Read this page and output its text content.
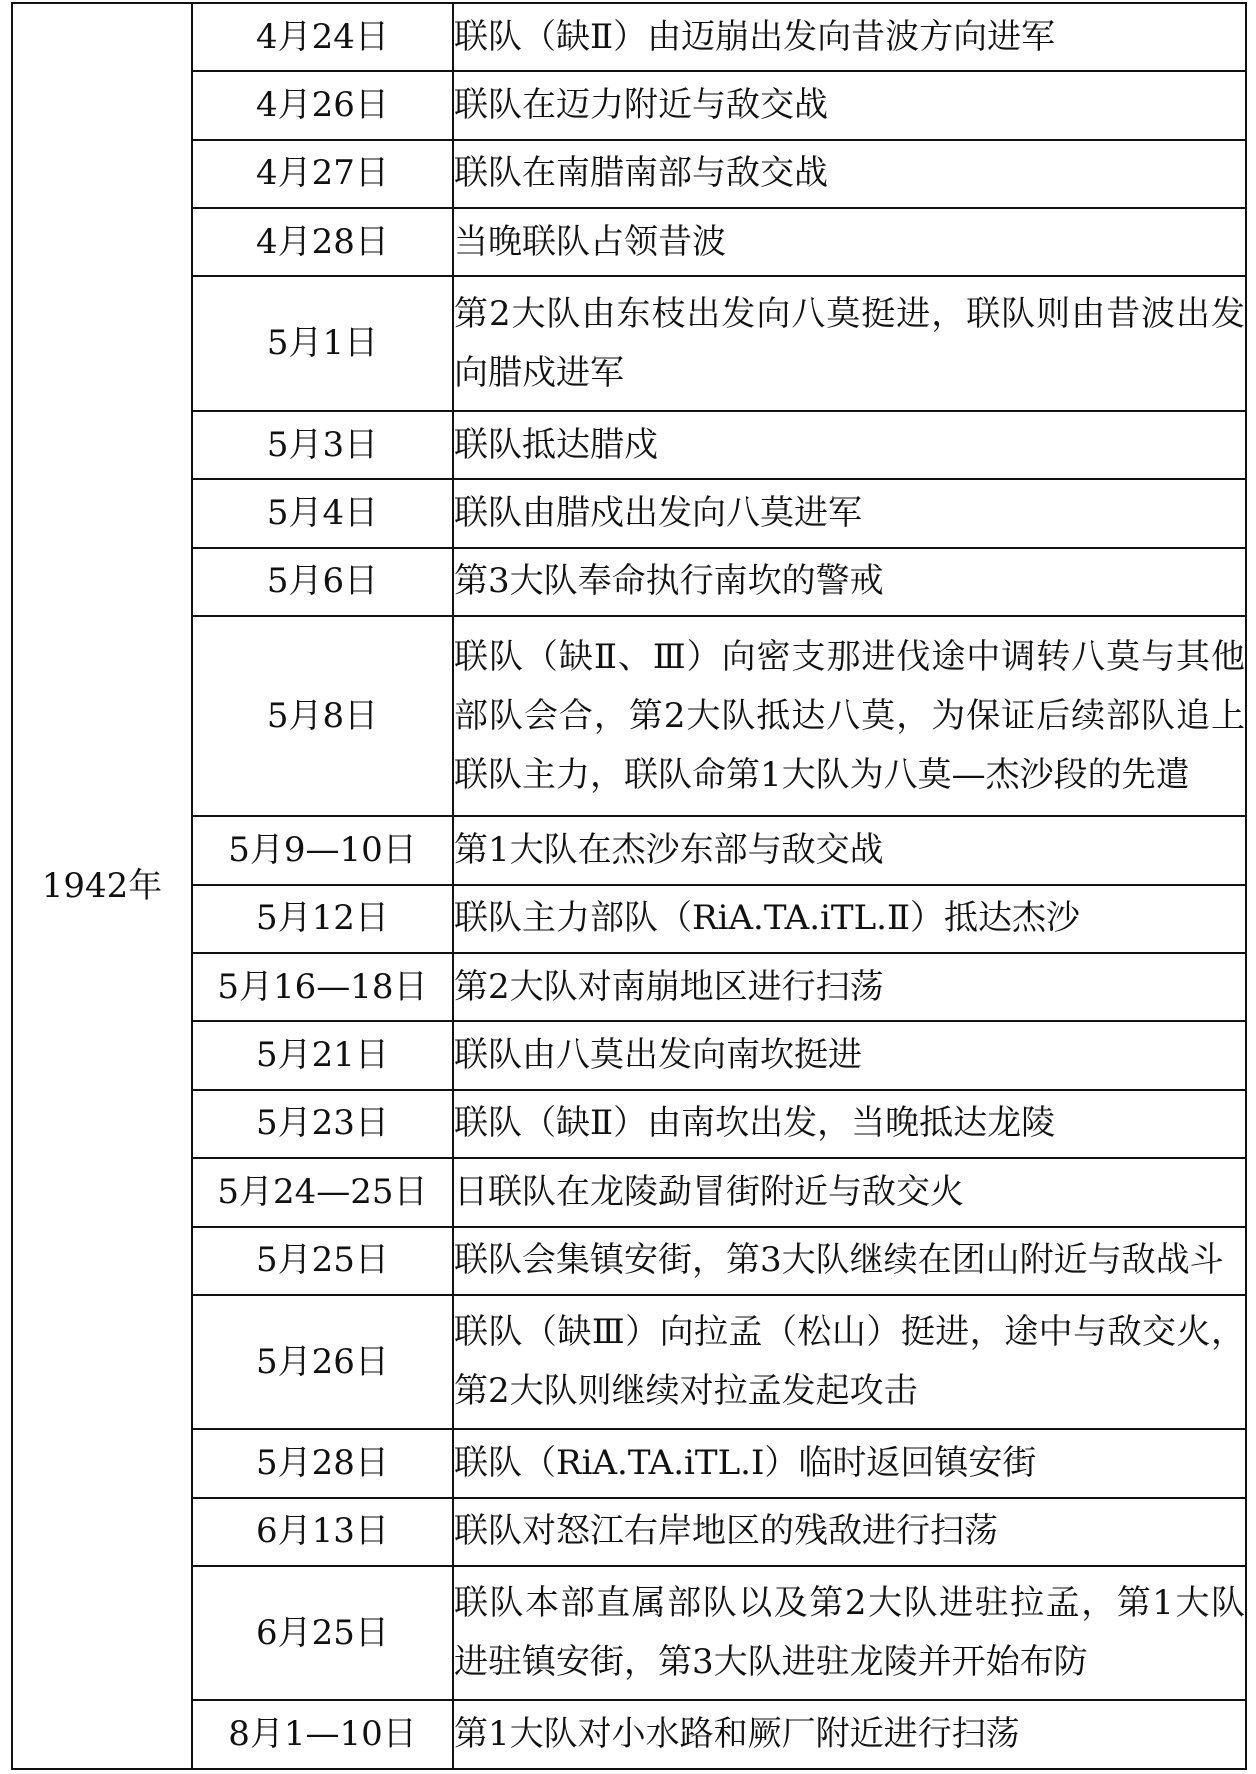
1942年	4月24日	联队（缺Ⅱ）由迈崩出发向昔波方向进军
	4月26日	联队在迈力附近与敌交战
	4月27日	联队在南腊南部与敌交战
	4月28日	当晚联队占领昔波
	5月1日	第2大队由东枝出发向八莫挺进，联队则由昔波出发向腊戍进军
	5月3日	联队抵达腊戍
	5月4日	联队由腊戍出发向八莫进军
	5月6日	第3大队奉命执行南坎的警戒
	5月8日	联队（缺Ⅱ、Ⅲ）向密支那进伐途中调转八莫与其他部队会合，第2大队抵达八莫，为保证后续部队追上联队主力，联队命第1大队为八莫—杰沙段的先遣
	5月9—10日	第1大队在杰沙东部与敌交战
	5月12日	联队主力部队（RiA.TA.iTL.Ⅱ）抵达杰沙
	5月16—18日	第2大队对南崩地区进行扫荡
	5月21日	联队由八莫出发向南坎挺进
	5月23日	联队（缺Ⅱ）由南坎出发，当晚抵达龙陵
	5月24—25日	日联队在龙陵勐冒街附近与敌交火
	5月25日	联队会集镇安街，第3大队继续在团山附近与敌战斗
	5月26日	联队（缺Ⅲ）向拉孟（松山）挺进，途中与敌交火，第2大队则继续对拉孟发起攻击
	5月28日	联队（RiA.TA.iTL.Ⅰ）临时返回镇安街
	6月13日	联队对怒江右岸地区的残敌进行扫荡
	6月25日	联队本部直属部队以及第2大队进驻拉孟，第1大队进驻镇安街，第3大队进驻龙陵并开始布防
	8月1—10日	第1大队对小水路和厥厂附近进行扫荡
